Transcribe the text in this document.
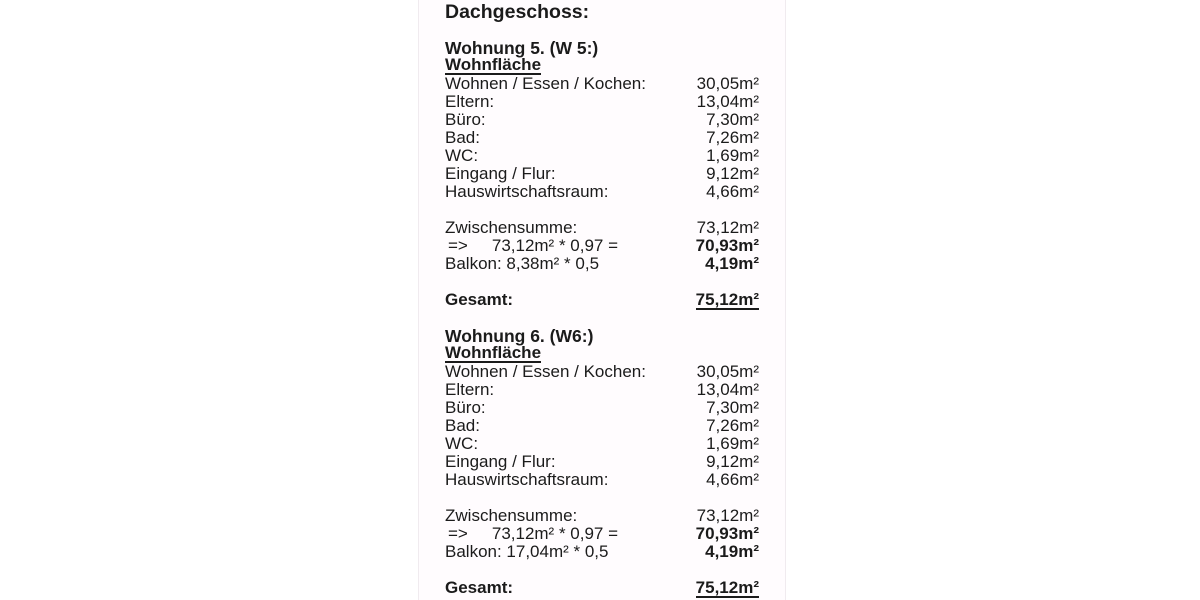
Dachgeschoss:
Wohnung 5. (W 5:)
Wohnfläche
Wohnen / Essen / Kochen:	30,05m²
Eltern:	13,04m²
Büro:	7,30m²
Bad:	7,26m²
WC:	1,69m²
Eingang / Flur:	9,12m²
Hauswirtschaftsraum:	4,66m²
Zwischensumme:	73,12m²
=> 73,12m² * 0,97 =	70,93m²
Balkon: 8,38m² * 0,5	4,19m²
Gesamt:	75,12m²
Wohnung 6. (W6:)
Wohnfläche
Wohnen / Essen / Kochen:	30,05m²
Eltern:	13,04m²
Büro:	7,30m²
Bad:	7,26m²
WC:	1,69m²
Eingang / Flur:	9,12m²
Hauswirtschaftsraum:	4,66m²
Zwischensumme:	73,12m²
=> 73,12m² * 0,97 =	70,93m²
Balkon: 17,04m² * 0,5	4,19m²
Gesamt:	75,12m²
